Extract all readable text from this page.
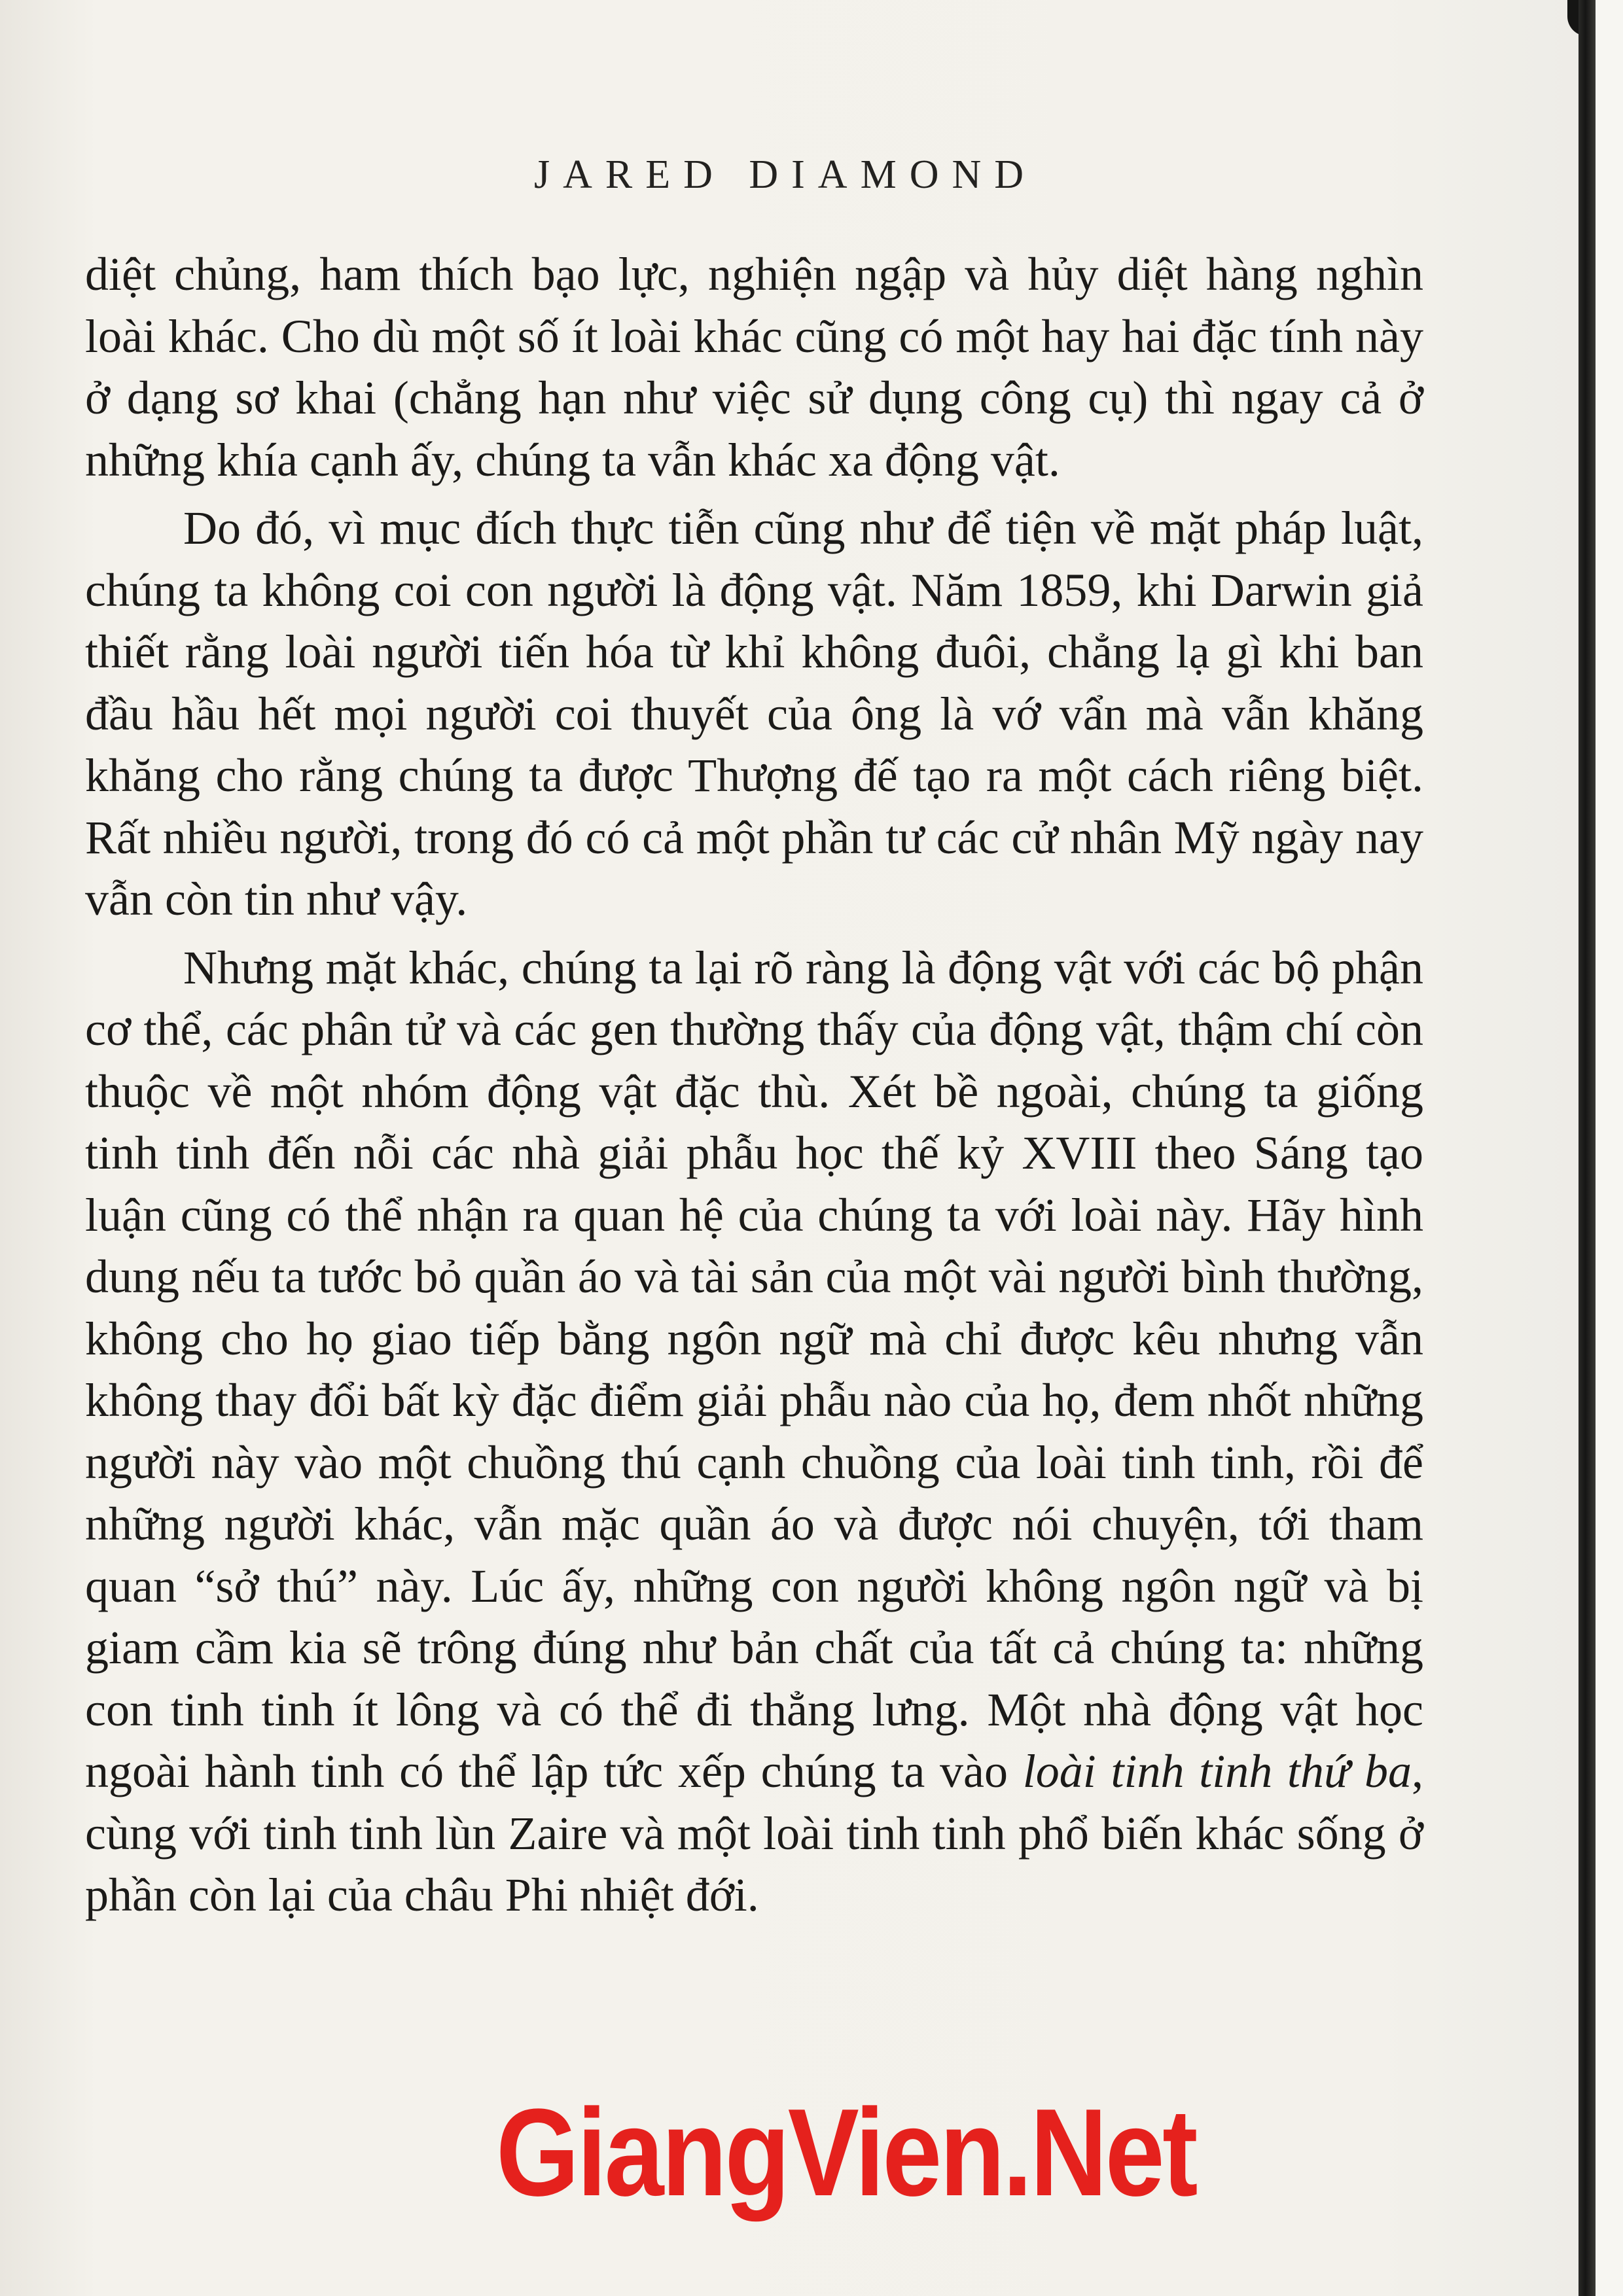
JARED DIAMOND

diệt chủng, ham thích bạo lực, nghiện ngập và hủy diệt hàng nghìn loài khác. Cho dù một số ít loài khác cũng có một hay hai đặc tính này ở dạng sơ khai (chẳng hạn như việc sử dụng công cụ) thì ngay cả ở những khía cạnh ấy, chúng ta vẫn khác xa động vật.

Do đó, vì mục đích thực tiễn cũng như để tiện về mặt pháp luật, chúng ta không coi con người là động vật. Năm 1859, khi Darwin giả thiết rằng loài người tiến hóa từ khỉ không đuôi, chẳng lạ gì khi ban đầu hầu hết mọi người coi thuyết của ông là vớ vẩn mà vẫn khăng khăng cho rằng chúng ta được Thượng đế tạo ra một cách riêng biệt. Rất nhiều người, trong đó có cả một phần tư các cử nhân Mỹ ngày nay vẫn còn tin như vậy.

Nhưng mặt khác, chúng ta lại rõ ràng là động vật với các bộ phận cơ thể, các phân tử và các gen thường thấy của động vật, thậm chí còn thuộc về một nhóm động vật đặc thù. Xét bề ngoài, chúng ta giống tinh tinh đến nỗi các nhà giải phẫu học thế kỷ XVIII theo Sáng tạo luận cũng có thể nhận ra quan hệ của chúng ta với loài này. Hãy hình dung nếu ta tước bỏ quần áo và tài sản của một vài người bình thường, không cho họ giao tiếp bằng ngôn ngữ mà chỉ được kêu nhưng vẫn không thay đổi bất kỳ đặc điểm giải phẫu nào của họ, đem nhốt những người này vào một chuồng thú cạnh chuồng của loài tinh tinh, rồi để những người khác, vẫn mặc quần áo và được nói chuyện, tới tham quan “sở thú” này. Lúc ấy, những con người không ngôn ngữ và bị giam cầm kia sẽ trông đúng như bản chất của tất cả chúng ta: những con tinh tinh ít lông và có thể đi thẳng lưng. Một nhà động vật học ngoài hành tinh có thể lập tức xếp chúng ta vào loài tinh tinh thứ ba, cùng với tinh tinh lùn Zaire và một loài tinh tinh phổ biến khác sống ở phần còn lại của châu Phi nhiệt đới.

GiangVien.Net
